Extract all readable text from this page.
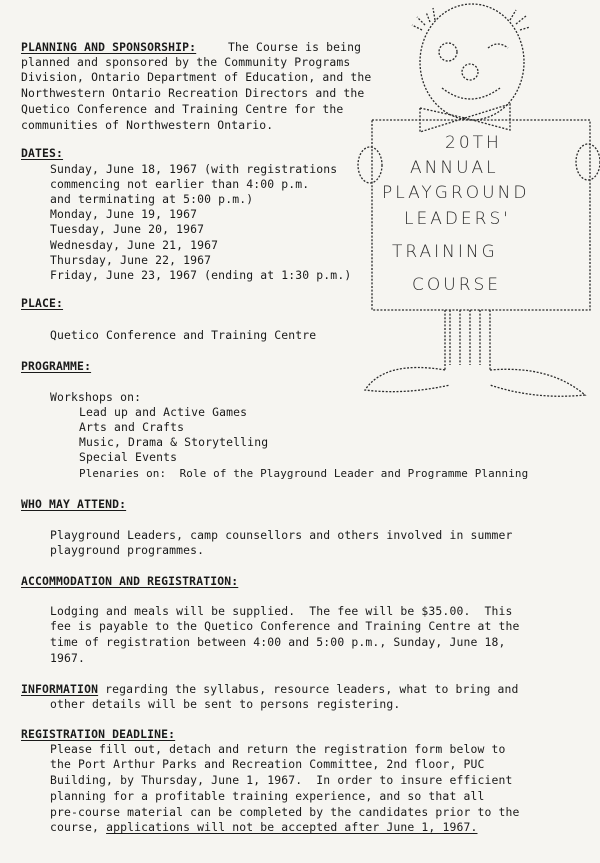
20TH
ANNUAL
PLAYGROUND
LEADERS'
TRAINING
COURSE
PLANNING AND SPONSORSHIP:	The Course is being
planned and sponsored by the Community Programs
Division, Ontario Department of Education, and the
Northwestern Ontario Recreation Directors and the
Quetico Conference and Training Centre for the
communities of Northwestern Ontario.
DATES:
Sunday, June 18, 1967 (with registrations
commencing not earlier than 4:00 p.m.
and terminating at 5:00 p.m.)
Monday, June 19, 1967
Tuesday, June 20, 1967
Wednesday, June 21, 1967
Thursday, June 22, 1967
Friday, June 23, 1967 (ending at 1:30 p.m.)
PLACE:
Quetico Conference and Training Centre
PROGRAMME:
Workshops on:
Lead up and Active Games
Arts and Crafts
Music, Drama & Storytelling
Special Events
Plenaries on:  Role of the Playground Leader and Programme Planning
WHO MAY ATTEND:
Playground Leaders, camp counsellors and others involved in summer
playground programmes.
ACCOMMODATION AND REGISTRATION:
Lodging and meals will be supplied.  The fee will be $35.00.  This
fee is payable to the Quetico Conference and Training Centre at the
time of registration between 4:00 and 5:00 p.m., Sunday, June 18,
1967.
INFORMATION regarding the syllabus, resource leaders, what to bring and
other details will be sent to persons registering.
REGISTRATION DEADLINE:
Please fill out, detach and return the registration form below to
the Port Arthur Parks and Recreation Committee, 2nd floor, PUC
Building, by Thursday, June 1, 1967.  In order to insure efficient
planning for a profitable training experience, and so that all
pre-course material can be completed by the candidates prior to the
course, applications will not be accepted after June 1, 1967.
